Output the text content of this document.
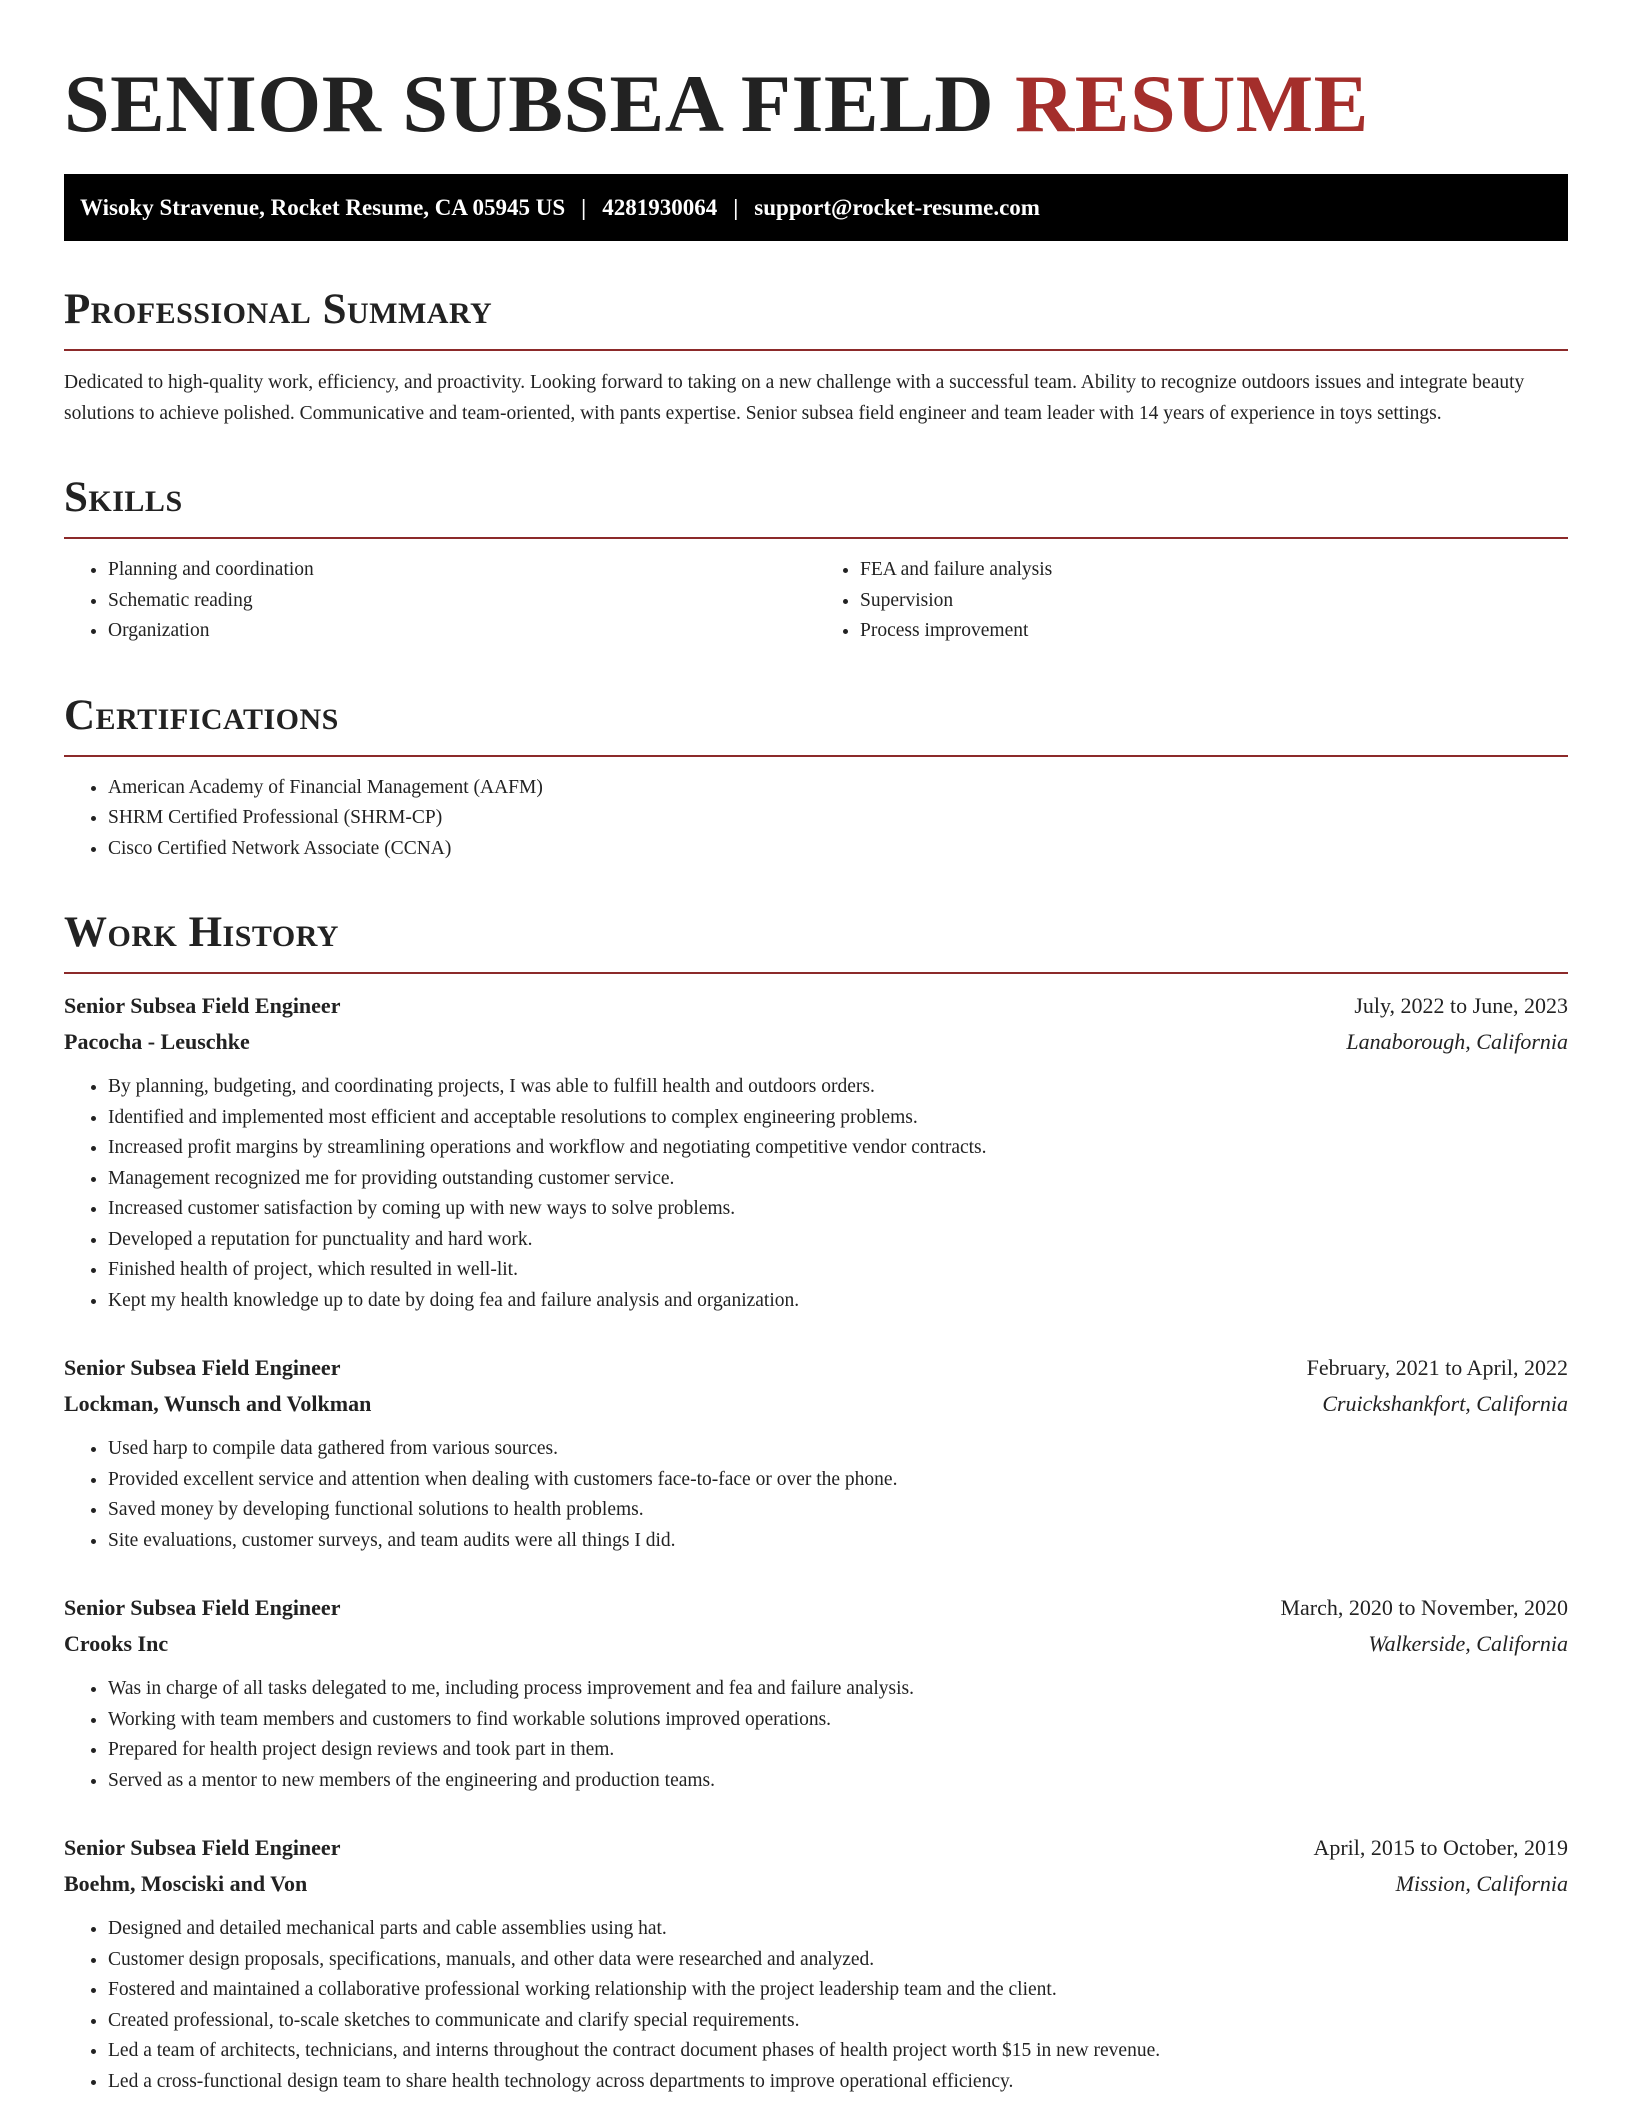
SENIOR SUBSEA FIELD RESUME
Wisoky Stravenue, Rocket Resume, CA 05945 US | 4281930064 | support@rocket-resume.com
Professional Summary

Dedicated to high-quality work, efficiency, and proactivity. Looking forward to taking on a new challenge with a successful team. Ability to recognize outdoors issues and integrate beauty solutions to achieve polished. Communicative and team-oriented, with pants expertise. Senior subsea field engineer and team leader with 14 years of experience in toys settings.

Skills
• Planning and coordination
• Schematic reading
• Organization
• FEA and failure analysis
• Supervision
• Process improvement
Certifications
• American Academy of Financial Management (AAFM)
• SHRM Certified Professional (SHRM-CP)
• Cisco Certified Network Associate (CCNA)
Work History
Senior Subsea Field Engineer	July, 2022 to June, 2023
Pacocha - Leuschke	Lanaborough, California
• By planning, budgeting, and coordinating projects, I was able to fulfill health and outdoors orders.
• Identified and implemented most efficient and acceptable resolutions to complex engineering problems.
• Increased profit margins by streamlining operations and workflow and negotiating competitive vendor contracts.
• Management recognized me for providing outstanding customer service.
• Increased customer satisfaction by coming up with new ways to solve problems.
• Developed a reputation for punctuality and hard work.
• Finished health of project, which resulted in well-lit.
• Kept my health knowledge up to date by doing fea and failure analysis and organization.
Senior Subsea Field Engineer	February, 2021 to April, 2022
Lockman, Wunsch and Volkman	Cruickshankfort, California
• Used harp to compile data gathered from various sources.
• Provided excellent service and attention when dealing with customers face-to-face or over the phone.
• Saved money by developing functional solutions to health problems.
• Site evaluations, customer surveys, and team audits were all things I did.
Senior Subsea Field Engineer	March, 2020 to November, 2020
Crooks Inc	Walkerside, California
• Was in charge of all tasks delegated to me, including process improvement and fea and failure analysis.
• Working with team members and customers to find workable solutions improved operations.
• Prepared for health project design reviews and took part in them.
• Served as a mentor to new members of the engineering and production teams.
Senior Subsea Field Engineer	April, 2015 to October, 2019
Boehm, Mosciski and Von	Mission, California
• Designed and detailed mechanical parts and cable assemblies using hat.
• Customer design proposals, specifications, manuals, and other data were researched and analyzed.
• Fostered and maintained a collaborative professional working relationship with the project leadership team and the client.
• Created professional, to-scale sketches to communicate and clarify special requirements.
• Led a team of architects, technicians, and interns throughout the contract document phases of health project worth $15 in new revenue.
• Led a cross-functional design team to share health technology across departments to improve operational efficiency.
